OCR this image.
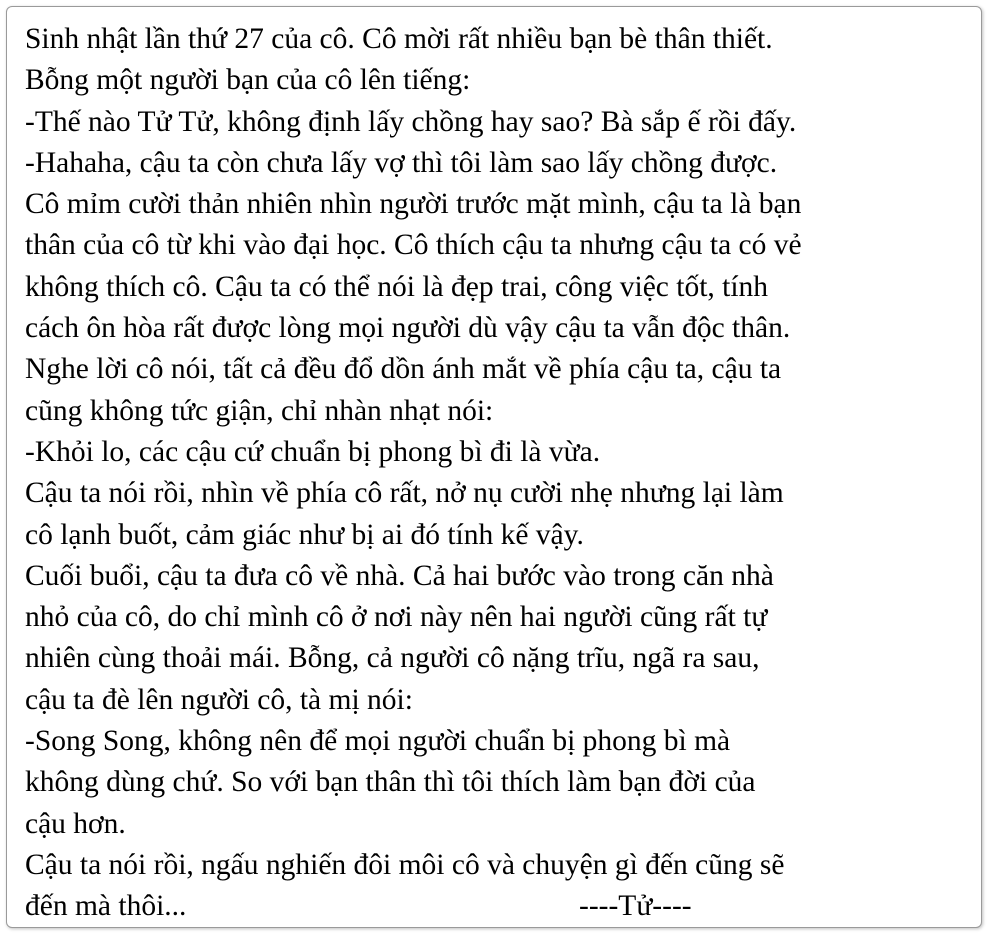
Sinh nhật lần thứ 27 của cô. Cô mời rất nhiều bạn bè thân thiết.
Bỗng một người bạn của cô lên tiếng:
-Thế nào Tử Tử, không định lấy chồng hay sao? Bà sắp ế rồi đấy.
-Hahaha, cậu ta còn chưa lấy vợ thì tôi làm sao lấy chồng được.
Cô mỉm cười thản nhiên nhìn người trước mặt mình, cậu ta là bạn
thân của cô từ khi vào đại học. Cô thích cậu ta nhưng cậu ta có vẻ
không thích cô. Cậu ta có thể nói là đẹp trai, công việc tốt, tính
cách ôn hòa rất được lòng mọi người dù vậy cậu ta vẫn độc thân.
Nghe lời cô nói, tất cả đều đổ dồn ánh mắt về phía cậu ta, cậu ta
cũng không tức giận, chỉ nhàn nhạt nói:
-Khỏi lo, các cậu cứ chuẩn bị phong bì đi là vừa.
Cậu ta nói rồi, nhìn về phía cô rất, nở nụ cười nhẹ nhưng lại làm
cô lạnh buốt, cảm giác như bị ai đó tính kế vậy.
Cuối buổi, cậu ta đưa cô về nhà. Cả hai bước vào trong căn nhà
nhỏ của cô, do chỉ mình cô ở nơi này nên hai người cũng rất tự
nhiên cùng thoải mái. Bỗng, cả người cô nặng trĩu, ngã ra sau,
cậu ta đè lên người cô, tà mị nói:
-Song Song, không nên để mọi người chuẩn bị phong bì mà
không dùng chứ. So với bạn thân thì tôi thích làm bạn đời của
cậu hơn.
Cậu ta nói rồi, ngấu nghiến đôi môi cô và chuyện gì đến cũng sẽ
đến mà thôi...	----Tử----
